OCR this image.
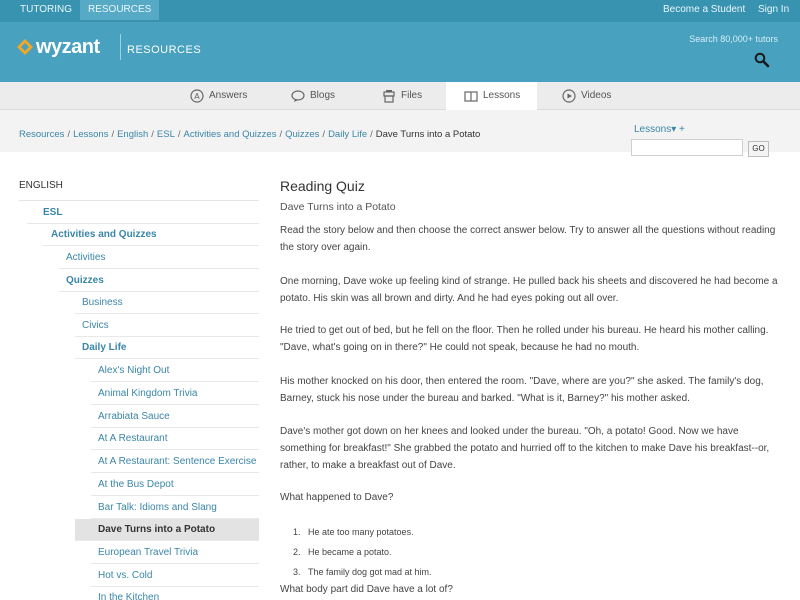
TUTORING	RESOURCES	Become a Student Sign In
wyzant RESOURCES
Search 80,000+ tutors
A Answers	Blogs	Files	Lessons	Videos
Resources / Lessons / English / ESL / Activities and Quizzes / Quizzes / Daily Life / Dave Turns into a Potato	Lessons▾ +
GO
ENGLISH
ESL
Activities and Quizzes
Activities
Quizzes
Business
Civics
Daily Life
Alex's Night Out
Animal Kingdom Trivia
Arrabiata Sauce
At A Restaurant
At A Restaurant: Sentence Exercise
At the Bus Depot
Bar Talk: Idioms and Slang
Dave Turns into a Potato
European Travel Trivia
Hot vs. Cold
In the Kitchen
Reading Quiz
Dave Turns into a Potato
Read the story below and then choose the correct answer below. Try to answer all the questions without reading the story over again.
One morning, Dave woke up feeling kind of strange. He pulled back his sheets and discovered he had become a potato. His skin was all brown and dirty. And he had eyes poking out all over.
He tried to get out of bed, but he fell on the floor. Then he rolled under his bureau. He heard his mother calling. "Dave, what's going on in there?" He could not speak, because he had no mouth.
His mother knocked on his door, then entered the room. "Dave, where are you?" she asked. The family's dog, Barney, stuck his nose under the bureau and barked. "What is it, Barney?" his mother asked.
Dave's mother got down on her knees and looked under the bureau. "Oh, a potato! Good. Now we have something for breakfast!" She grabbed the potato and hurried off to the kitchen to make Dave his breakfast--or, rather, to make a breakfast out of Dave.
What happened to Dave?
1. He ate too many potatoes.
2. He became a potato.
3. The family dog got mad at him.
What body part did Dave have a lot of?
